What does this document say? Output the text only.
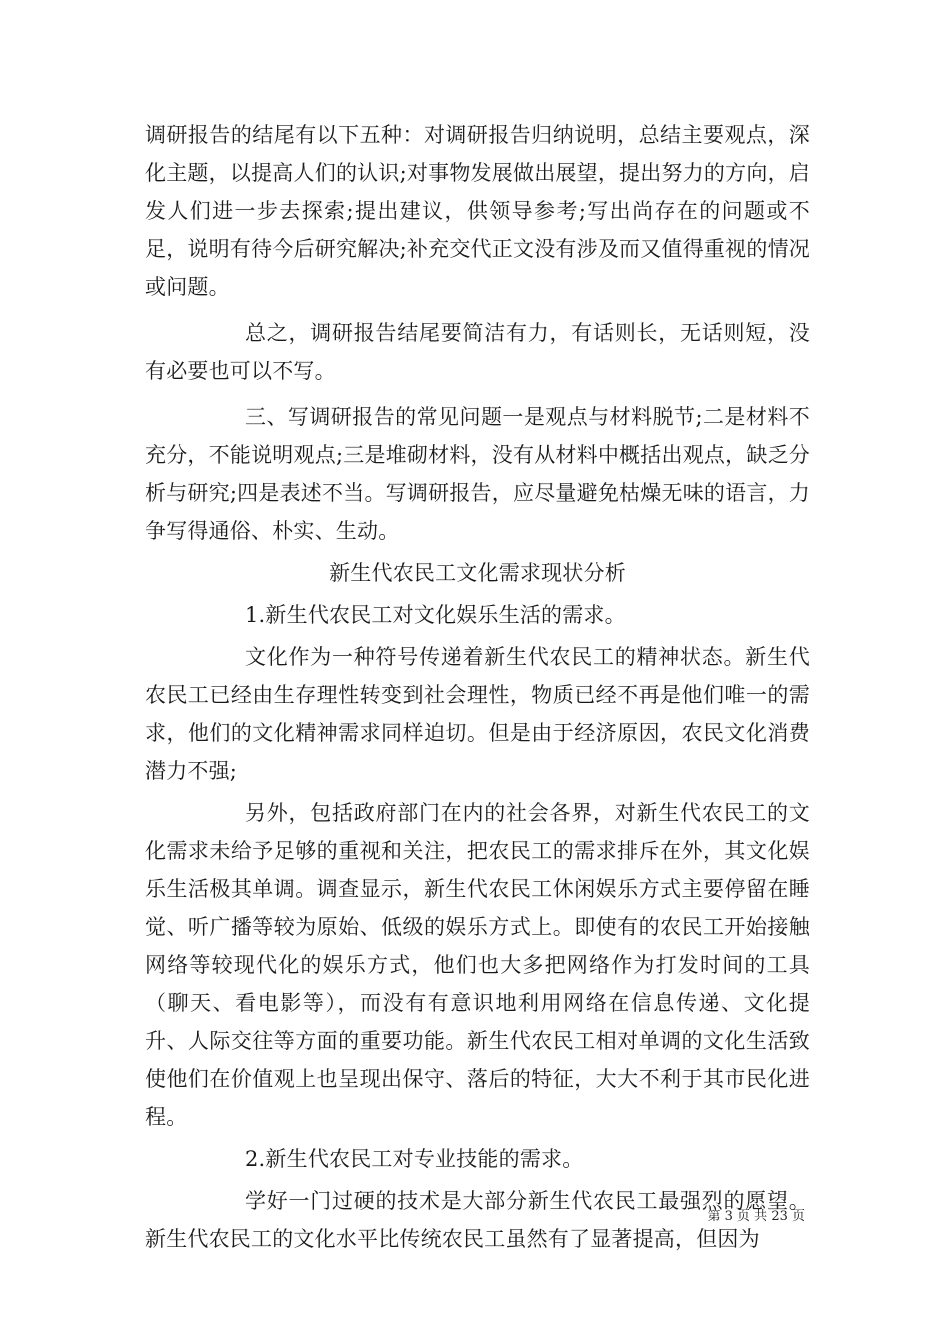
调研报告的结尾有以下五种：对调研报告归纳说明，总结主要观点，深化主题，以提高人们的认识;对事物发展做出展望，提出努力的方向，启发人们进一步去探索;提出建议，供领导参考;写出尚存在的问题或不足，说明有待今后研究解决;补充交代正文没有涉及而又值得重视的情况或问题。

总之，调研报告结尾要简洁有力，有话则长，无话则短，没有必要也可以不写。

三、写调研报告的常见问题一是观点与材料脱节;二是材料不充分，不能说明观点;三是堆砌材料，没有从材料中概括出观点，缺乏分析与研究;四是表述不当。写调研报告，应尽量避免枯燥无味的语言，力争写得通俗、朴实、生动。

新生代农民工文化需求现状分析

1.新生代农民工对文化娱乐生活的需求。

文化作为一种符号传递着新生代农民工的精神状态。新生代农民工已经由生存理性转变到社会理性，物质已经不再是他们唯一的需求，他们的文化精神需求同样迫切。但是由于经济原因，农民文化消费潜力不强;

另外，包括政府部门在内的社会各界，对新生代农民工的文化需求未给予足够的重视和关注，把农民工的需求排斥在外，其文化娱乐生活极其单调。调查显示，新生代农民工休闲娱乐方式主要停留在睡觉、听广播等较为原始、低级的娱乐方式上。即使有的农民工开始接触网络等较现代化的娱乐方式，他们也大多把网络作为打发时间的工具（聊天、看电影等），而没有有意识地利用网络在信息传递、文化提升、人际交往等方面的重要功能。新生代农民工相对单调的文化生活致使他们在价值观上也呈现出保守、落后的特征，大大不利于其市民化进程。

2.新生代农民工对专业技能的需求。

学好一门过硬的技术是大部分新生代农民工最强烈的愿望。新生代农民工的文化水平比传统农民工虽然有了显著提高，但因为

第 3 页 共 23 页
